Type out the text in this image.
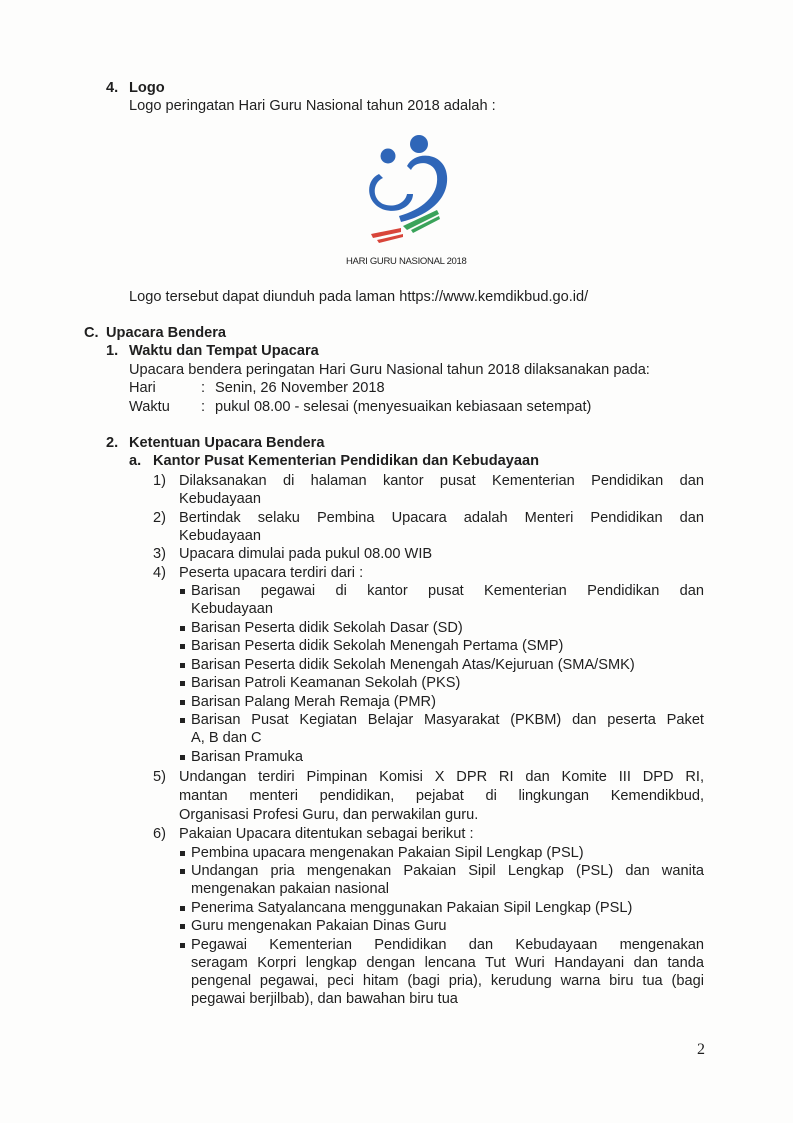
4. Logo
Logo peringatan Hari Guru Nasional tahun 2018 adalah :
HARI GURU NASIONAL 2018
Logo tersebut dapat diunduh pada laman https://www.kemdikbud.go.id/
C. Upacara Bendera
1. Waktu dan Tempat Upacara
Upacara bendera peringatan Hari Guru Nasional tahun 2018 dilaksanakan pada:
Hari	: Senin, 26 November 2018
Waktu : pukul 08.00 - selesai (menyesuaikan kebiasaan setempat)
2. Ketentuan Upacara Bendera
a. Kantor Pusat Kementerian Pendidikan dan Kebudayaan
1) Dilaksanakan di halaman kantor pusat Kementerian Pendidikan dan
Kebudayaan
2) Bertindak selaku Pembina Upacara adalah Menteri Pendidikan dan
Kebudayaan
3) Upacara dimulai pada pukul 08.00 WIB
4) Peserta upacara terdiri dari :
Barisan pegawai di kantor pusat Kementerian Pendidikan dan
Kebudayaan
Barisan Peserta didik Sekolah Dasar (SD)
Barisan Peserta didik Sekolah Menengah Pertama (SMP)
Barisan Peserta didik Sekolah Menengah Atas/Kejuruan (SMA/SMK)
Barisan Patroli Keamanan Sekolah (PKS)
Barisan Palang Merah Remaja (PMR)
Barisan Pusat Kegiatan Belajar Masyarakat (PKBM) dan peserta Paket
A, B dan C
Barisan Pramuka
5) Undangan terdiri Pimpinan Komisi X DPR RI dan Komite III DPD RI,
mantan menteri pendidikan, pejabat di lingkungan Kemendikbud,
Organisasi Profesi Guru, dan perwakilan guru.
6) Pakaian Upacara ditentukan sebagai berikut :
Pembina upacara mengenakan Pakaian Sipil Lengkap (PSL)
Undangan pria mengenakan Pakaian Sipil Lengkap (PSL) dan wanita
mengenakan pakaian nasional
Penerima Satyalancana menggunakan Pakaian Sipil Lengkap (PSL)
Guru mengenakan Pakaian Dinas Guru
Pegawai Kementerian Pendidikan dan Kebudayaan mengenakan
seragam Korpri lengkap dengan lencana Tut Wuri Handayani dan tanda
pengenal pegawai, peci hitam (bagi pria), kerudung warna biru tua (bagi
pegawai berjilbab), dan bawahan biru tua
2
